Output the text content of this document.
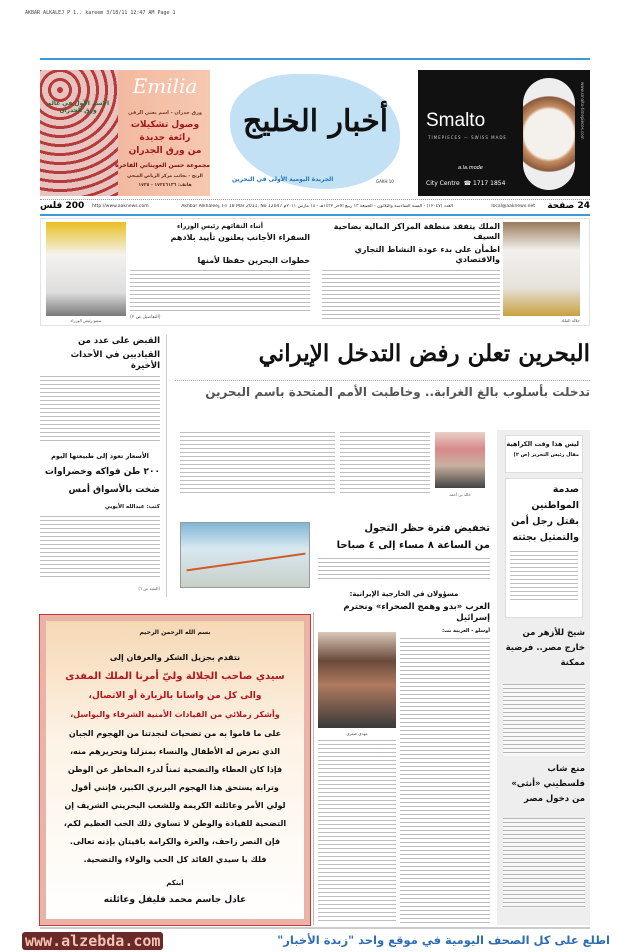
AKBAR ALKALEJ P 1.. kareem 3/18/11 12:47 AM Page 1
الاسم الأول في عالم ورق الجدران
Emilia
ورق جدران - اسم يعني الرقي
وصول تشكيلات
رائعة جديدة
من ورق الجدران
مجموعة حسن العويناتي الفاخرة
الزنج - بجانب مركز الرياض الصحي
هاتف: ١٧٢٤٦١٣٦ - ١٧٢٥
أخبار الخليج
الجريدة اليومية الأولى في البحرين	GAKH 10
Smalto
TIMEPIECES — SWISS MADE
a.la.mode
City Centre ☎ 1717 1854
www.smalto-timepieces.com
24 صفحة
local@aaknews.net
العدد (١٢٠٤٧) - السنة السادسة والثلاثون - الجمعة ١٣ ربيع الآخر ١٤٣٢هـ - ١٨ مارس ٢٠١١م Akhbar Alkhaleej, Fri 18 Mar 2011, No 12047
http://www.aaknews.com
200 فلس
جلالة الملك
الملك يتفقد منطقة المراكز المالية بضاحية السيف
اطمأن على بدء عودة النشاط التجاري والاقتصادي
سمو رئيس الوزراء
أثناء التقائهم رئيس الوزراء
السفراء الأجانب يعلنون تأييد بلادهم
خطوات البحرين حفظا لأمنها
(التفاصيل ص ٢)
البحرين تعلن رفض التدخل الإيراني
تدخلت بأسلوب بالغ الغرابة.. وخاطبت الأمم المتحدة باسم البحرين
خالد بن أحمد
القبض على عدد من
القياديين في الأحداث الأخيرة
الأسعار تعود إلى طبيعتها اليوم
٢٠٠ طن فواكه وخضراوات
ضخت بالأسواق أمس
كتب: عبدالله الأيوبي
(البقية ص ٦)
تخفيض فترة حظر التجول
من الساعة ٨ مساء إلى ٤ صباحا
مسؤولان في الخارجية الإيرانية:
العرب «بدو وهمج الصحراء» ونحترم إسرائيل
أوسلو - العربية نت:
مهدي صفري
ليس هذا وقت الكراهية
مقال رئيس التحرير (ص ٢)
صدمة المواطنين بقتل رجل أمن والتمثيل بجثته
شيخ للأزهر من خارج مصر.. فرضية ممكنة
منع شاب فلسطيني «أنثى» من دخول مصر
بسم الله الرحمن الرحيم
نتقدم بجزيل الشكر والعرفان إلى
سيدي صاحب الجلالة وليّ أمرنا الملك المفدى
والى كل من واسانا بالزيارة أو الاتصال،
وأشكر زملائي من القيادات الأمنية الشرفاء والبواسل،
على ما قاموا به من تضحيات لنجدتنا من الهجوم الجبان
الذي تعرض له الأطفال والنساء بمنزلنا وتحريرهم منه،
فإذا كان العطاء والتضحية ثمناً لدرء المخاطر عن الوطن
وترابه يستحق هذا الهجوم البربري الكبير، فإنني أقول
لولي الأمر وعائلته الكريمة وللشعب البحريني الشريف إن
التضحية للقيادة والوطن لا تساوي ذلك الحب العظيم لكم،
فإن النصر زاحف، والعزة والكرامة باقيتان بإذنه تعالى.
فلك يا سيدي القائد كل الحب والولاء والتضحية.
ابنكم
عادل جاسم محمد فليفل وعائلته
www.alzebda.com	اطلع على كل الصحف اليومية في موقع واحد "زبدة الأخبار"
